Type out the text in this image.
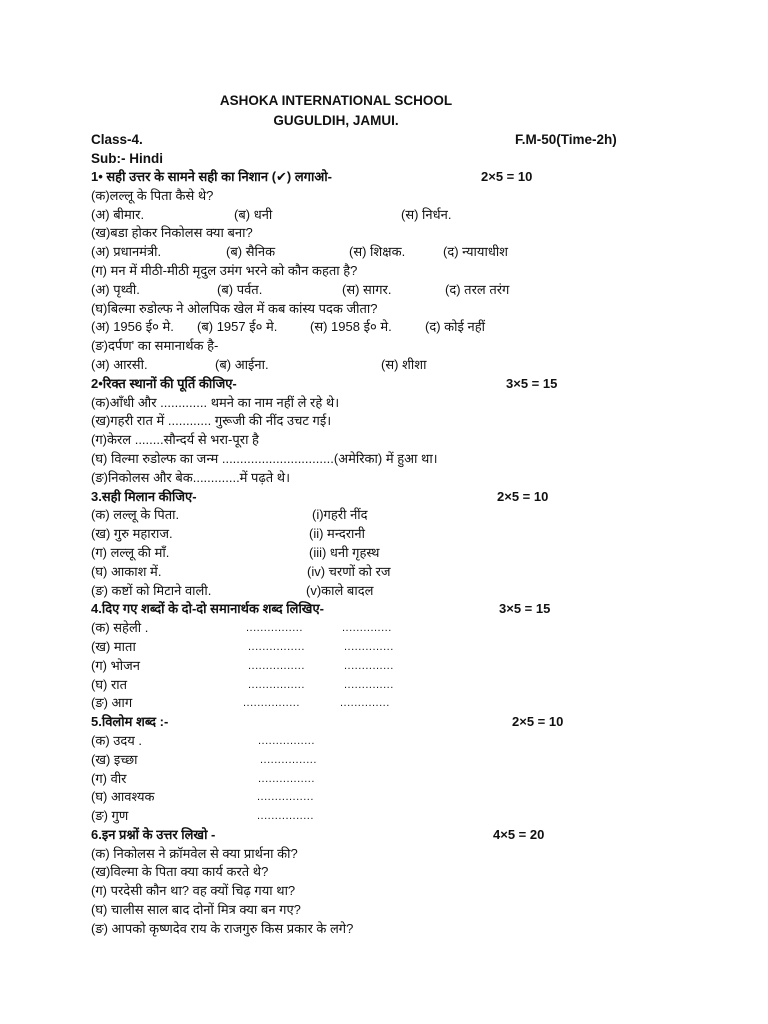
ASHOKA INTERNATIONAL SCHOOL
GUGULDIH, JAMUI.
Class-4.	F.M-50(Time-2h)
Sub:- Hindi
1• सही उत्तर के सामने सही का निशान (✔) लगाओ-	2×5 = 10
(क)लल्लू के पिता कैसे थे?
(अ) बीमार.	(ब) धनी	(स) निर्धन.
(ख)बडा होकर निकोलस क्या बना?
(अ) प्रधानमंत्री.	(ब) सैनिक	(स) शिक्षक.	(द) न्यायाधीश
(ग) मन में मीठी-मीठी मृदुल उमंग भरने को कौन कहता है?
(अ) पृथ्वी.	(ब) पर्वत.	(स) सागर.	(द) तरल तरंग
(घ)बिल्मा रुडोल्फ ने ओलपिक खेल में कब कांस्य पदक जीता?
(अ) 1956 ई० मे. (ब) 1957 ई० मे.	(स) 1958 ई० मे.	(द) कोई नहीं
(ङ)दर्पण' का समानार्थक है-
(अ) आरसी.	(ब) आईना.	(स) शीशा
2•रिक्त स्थानों की पूर्ति कीजिए-	3×5 = 15
(क)आँधी और ............. थमने का नाम नहीं ले रहे थे।
(ख)गहरी रात में ............ गुरूजी की नींद उचट गई।
(ग)केरल ........सौन्दर्य से भरा-पूरा है
(घ) विल्मा रुडोल्फ का जन्म ...............................(अमेरिका) में हुआ था।
(ङ)निकोलस और बेक.............में पढ़ते थे।
3.सही मिलान कीजिए-	2×5 = 10
(क) लल्लू के पिता.	(i)गहरी नींद
(ख) गुरु महाराज.	(ii) मन्दरानी
(ग) लल्लू की माँ.	(iii) धनी गृहस्थ
(घ) आकाश में.	(iv) चरणों को रज
(ङ) कष्टों को मिटाने वाली.	(v)काले बादल
4.दिए गए शब्दों के दो-दो समानार्थक शब्द लिखिए-	3×5 = 15
(क) सहेली .	................	..............
(ख) माता	................	..............
(ग) भोजन	................	..............
(घ) रात	................	..............
(ङ) आग	................	..............
5.विलोम शब्द :-	2×5 = 10
(क) उदय .	................
(ख) इच्छा	................
(ग) वीर	................
(घ) आवश्यक	................
(ङ) गुण	................
6.इन प्रश्नों के उत्तर लिखो -	4×5 = 20
(क) निकोलस ने क्रॉमवेल से क्या प्रार्थना की?
(ख)विल्मा के पिता क्या कार्य करते थे?
(ग) परदेसी कौन था? वह क्यों चिढ़ गया था?
(घ) चालीस साल बाद दोनों मित्र क्या बन गए?
(ङ) आपको कृष्णदेव राय के राजगुरु किस प्रकार के लगे?
